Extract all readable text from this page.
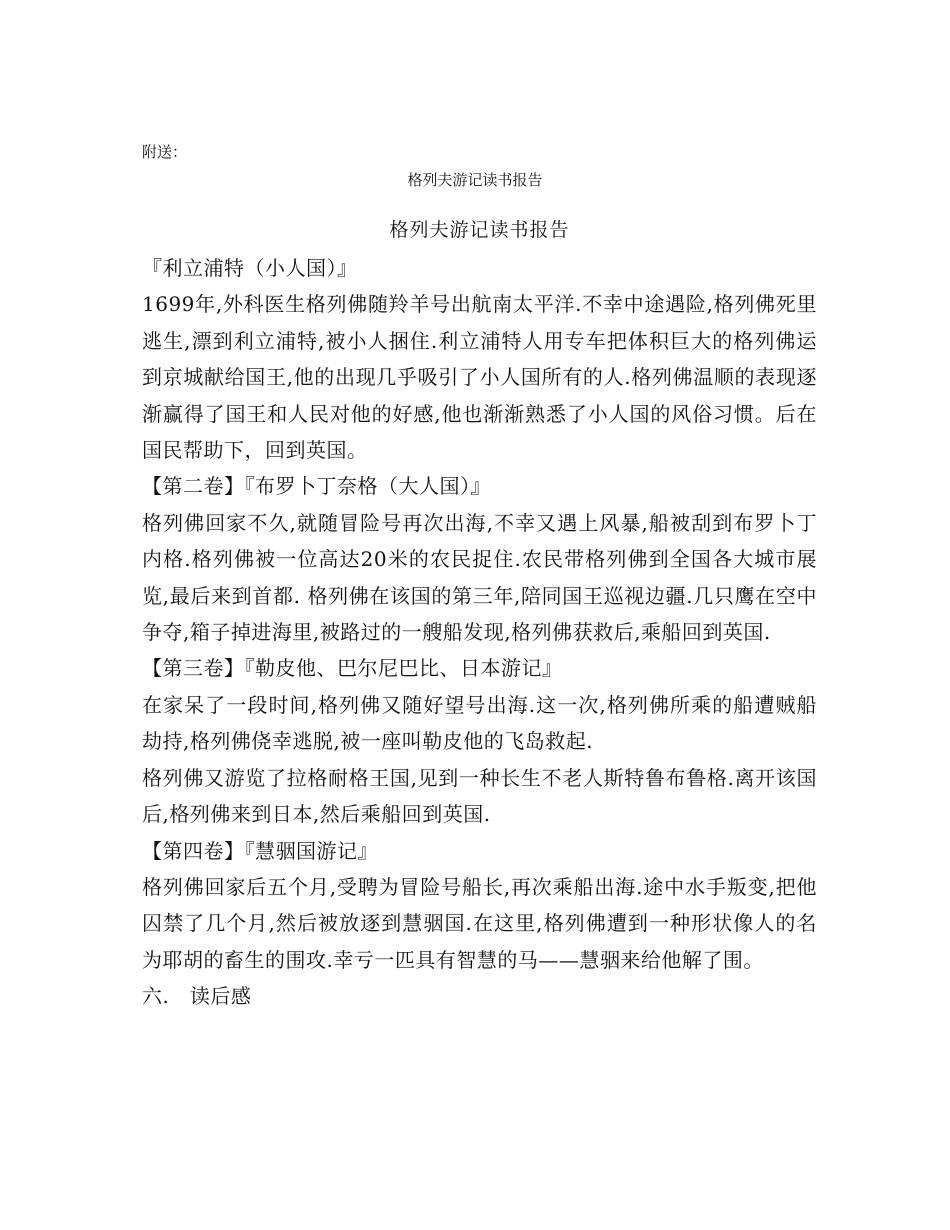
附送：
格列夫游记读书报告

格列夫游记读书报告

『利立浦特（小人国）』

1699年,外科医生格列佛随羚羊号出航南太平洋.不幸中途遇险,格列佛死里逃生,漂到利立浦特,被小人捆住.利立浦特人用专车把体积巨大的格列佛运到京城献给国王,他的出现几乎吸引了小人国所有的人.格列佛温顺的表现逐渐赢得了国王和人民对他的好感,他也渐渐熟悉了小人国的风俗习惯。后在国民帮助下，回到英国。

【第二卷】『布罗卜丁奈格（大人国）』

格列佛回家不久,就随冒险号再次出海,不幸又遇上风暴,船被刮到布罗卜丁内格.格列佛被一位高达20米的农民捉住.农民带格列佛到全国各大城市展览,最后来到首都. 格列佛在该国的第三年,陪同国王巡视边疆.几只鹰在空中争夺,箱子掉进海里,被路过的一艘船发现,格列佛获救后,乘船回到英国.

【第三卷】『勒皮他、巴尔尼巴比、日本游记』

在家呆了一段时间,格列佛又随好望号出海.这一次,格列佛所乘的船遭贼船劫持,格列佛侥幸逃脱,被一座叫勒皮他的飞岛救起.

格列佛又游览了拉格耐格王国,见到一种长生不老人斯特鲁布鲁格.离开该国后,格列佛来到日本,然后乘船回到英国.

【第四卷】『慧骃国游记』

格列佛回家后五个月,受聘为冒险号船长,再次乘船出海.途中水手叛变,把他囚禁了几个月,然后被放逐到慧骃国.在这里,格列佛遭到一种形状像人的名为耶胡的畜生的围攻.幸亏一匹具有智慧的马——慧骃来给他解了围。

六.　读后感
